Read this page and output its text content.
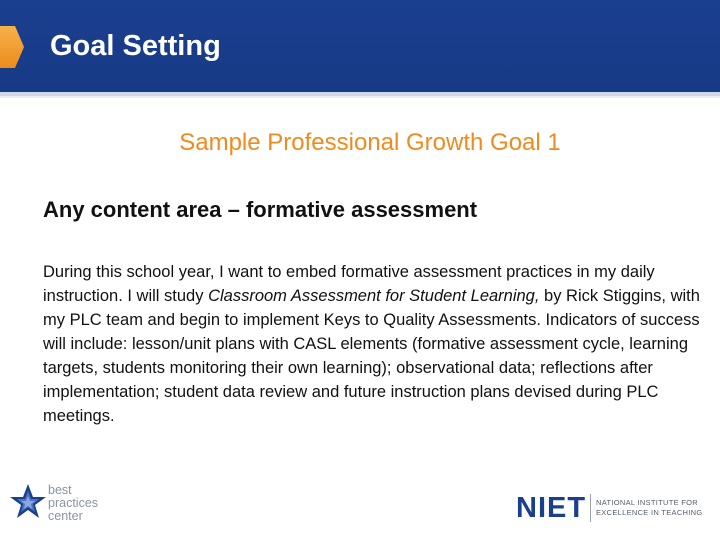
Goal Setting
Sample Professional Growth Goal 1
Any content area – formative assessment
During this school year, I want to embed formative assessment practices in my daily instruction. I will study Classroom Assessment for Student Learning, by Rick Stiggins, with my PLC team and begin to implement Keys to Quality Assessments. Indicators of success will include: lesson/unit plans with CASL elements (formative assessment cycle, learning targets, students monitoring their own learning); observational data; reflections after implementation; student data review and future instruction plans devised during PLC meetings.
best
practices
center	NIET NATIONAL INSTITUTE FOR
EXCELLENCE IN TEACHING
